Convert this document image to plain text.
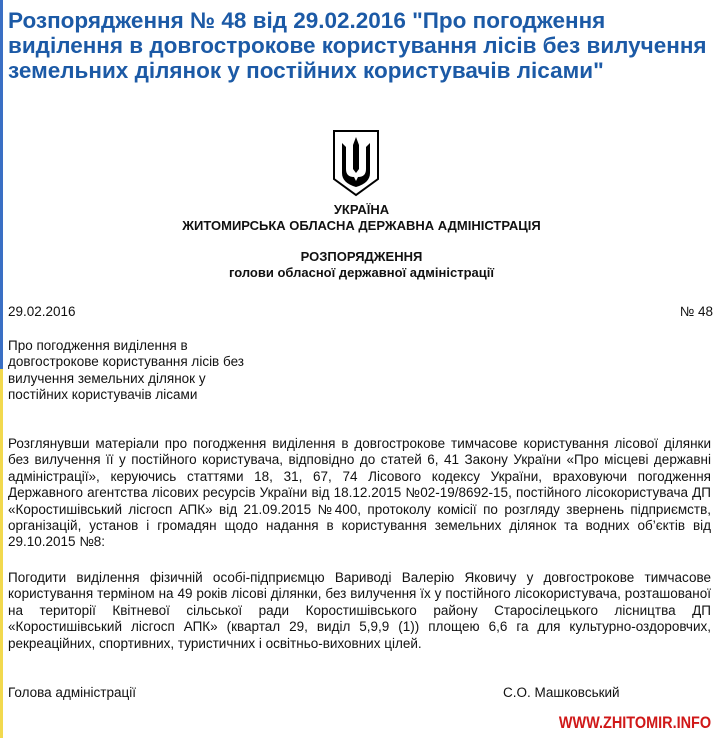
Розпорядження № 48 від 29.02.2016 "Про погодження виділення в довгострокове користування лісів без вилучення земельних ділянок у постійних користувачів лісами"
УКРАЇНА
ЖИТОМИРСЬКА ОБЛАСНА ДЕРЖАВНА АДМІНІСТРАЦІЯ
РОЗПОРЯДЖЕННЯ
голови обласної державної адміністрації
29.02.2016	№ 48
Про погодження виділення в довгострокове користування лісів без вилучення земельних ділянок у постійних користувачів лісами
Розглянувши матеріали про погодження виділення в довгострокове тимчасове користування лісової ділянки без вилучення її у постійного користувача, відповідно до статей 6, 41 Закону України «Про місцеві державні адміністрації», керуючись статтями 18, 31, 67, 74 Лісового кодексу України, враховуючи погодження Державного агентства лісових ресурсів України від 18.12.2015 №02-19/8692-15, постійного лісокористувача ДП «Коростишівський лісгосп АПК» від 21.09.2015 №400, протоколу комісії по розгляду звернень підприємств, організацій, установ і громадян щодо надання в користування земельних ділянок та водних об’єктів від 29.10.2015 №8:
Погодити виділення фізичній особі-підприємцю Вариводі Валерію Яковичу у довгострокове тимчасове користування терміном на 49 років лісові ділянки, без вилучення їх у постійного лісокористувача, розташованої на території Квітневої сільської ради Коростишівського району Старосілецького лісництва ДП «Коростишівський лісгосп АПК» (квартал 29, виділ 5,9,9 (1)) площею 6,6 га для культурно-оздоровчих, рекреаційних, спортивних, туристичних і освітньо-виховних цілей.
Голова адміністрації	С.О. Машковський
WWW.ZHITOMIR.INFO
